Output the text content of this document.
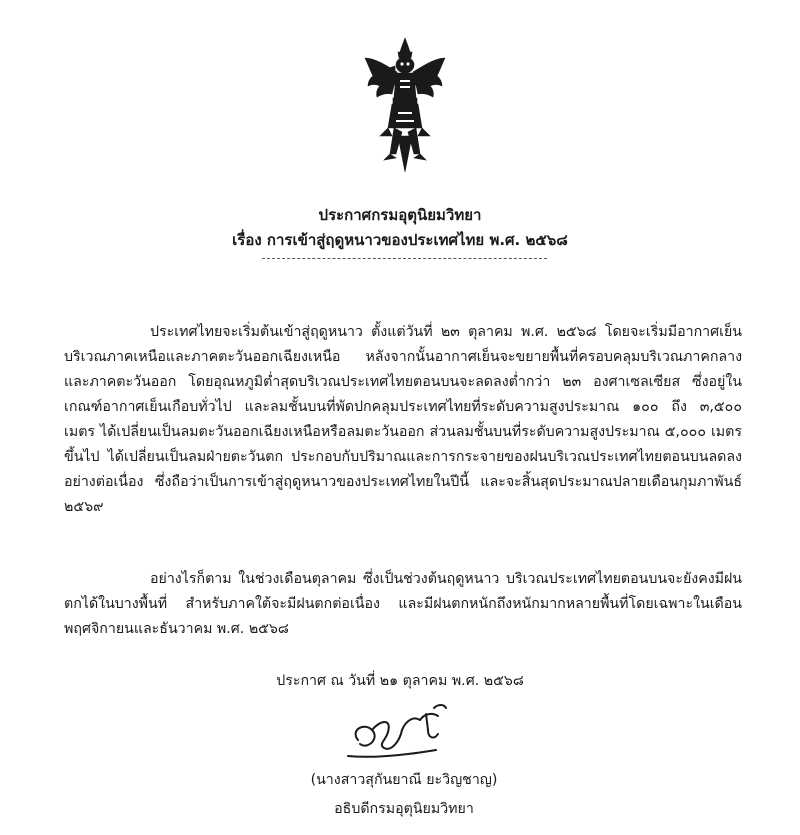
ประกาศกรมอุตุนิยมวิทยา
เรื่อง การเข้าสู่ฤดูหนาวของประเทศไทย พ.ศ. ๒๕๖๘

ประเทศไทยจะเริ่มต้นเข้าสู่ฤดูหนาว ตั้งแต่วันที่ ๒๓ ตุลาคม พ.ศ. ๒๕๖๘ โดยจะเริ่มมีอากาศเย็นบริเวณภาคเหนือและภาคตะวันออกเฉียงเหนือ หลังจากนั้นอากาศเย็นจะขยายพื้นที่ครอบคลุมบริเวณภาคกลางและภาคตะวันออก โดยอุณหภูมิต่ำสุดบริเวณประเทศไทยตอนบนจะลดลงต่ำกว่า ๒๓ องศาเซลเซียส ซึ่งอยู่ในเกณฑ์อากาศเย็นเกือบทั่วไป และลมชั้นบนที่พัดปกคลุมประเทศไทยที่ระดับความสูงประมาณ ๑๐๐ ถึง ๓,๕๐๐ เมตร ได้เปลี่ยนเป็นลมตะวันออกเฉียงเหนือหรือลมตะวันออก ส่วนลมชั้นบนที่ระดับความสูงประมาณ ๕,๐๐๐ เมตรขึ้นไป ได้เปลี่ยนเป็นลมฝ่ายตะวันตก ประกอบกับปริมาณและการกระจายของฝนบริเวณประเทศไทยตอนบนลดลงอย่างต่อเนื่อง ซึ่งถือว่าเป็นการเข้าสู่ฤดูหนาวของประเทศไทยในปีนี้ และจะสิ้นสุดประมาณปลายเดือนกุมภาพันธ์ ๒๕๖๙

อย่างไรก็ตาม ในช่วงเดือนตุลาคม ซึ่งเป็นช่วงต้นฤดูหนาว บริเวณประเทศไทยตอนบนจะยังคงมีฝนตกได้ในบางพื้นที่ สำหรับภาคใต้จะมีฝนตกต่อเนื่อง และมีฝนตกหนักถึงหนักมากหลายพื้นที่โดยเฉพาะในเดือนพฤศจิกายนและธันวาคม พ.ศ. ๒๕๖๘

ประกาศ ณ วันที่ ๒๑ ตุลาคม พ.ศ. ๒๕๖๘
(นางสาวสุกันยาณี ยะวิญชาญ)
อธิบดีกรมอุตุนิยมวิทยา
